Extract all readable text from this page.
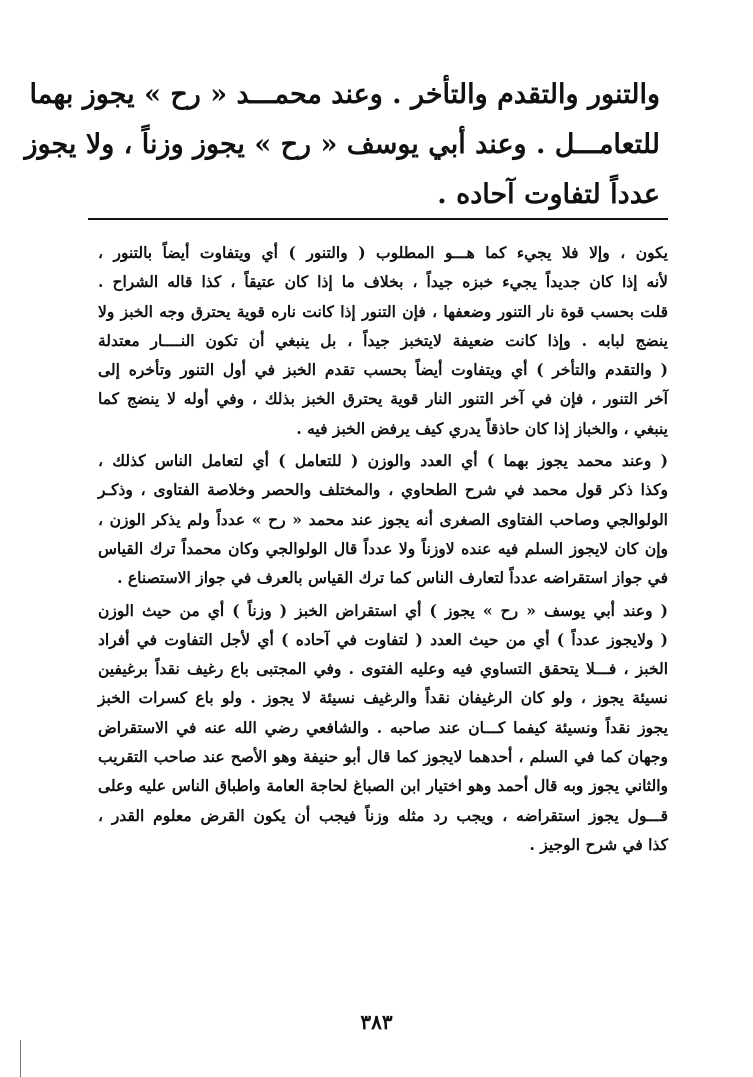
والتنور والتقدم والتأخر . وعند محمـــد « رح » يجوز بهما
للتعامـــل . وعند أبي يوسف « رح » يجوز وزناً ، ولا يجوز
عدداً لتفاوت آحاده .
يكون ، وإلا فلا يجيء كما هـــو المطلوب ( والتنور ) أي ويتفاوت أيضاً بالتنور ،
لأنه إذا كان جديداً يجيء خبزه جيداً ، بخلاف ما إذا كان عتيقاً ، كذا قاله الشراح .
قلت بحسب قوة نار التنور وضعفها ، فإن التنور إذا كانت ناره قوية يحترق وجه الخبز ولا
ينضج لبابه . وإذا كانت ضعيفة لايتخبز جيداً ، بل ينبغي أن تكون النــــار معتدلة
( والتقدم والتأخر ) أي ويتفاوت أيضاً بحسب تقدم الخبز في أول التنور وتأخره إلى
آخر التنور ، فإن في آخر التنور النار قوية يحترق الخبز بذلك ، وفي أوله لا ينضج كما
ينبغي ، والخباز إذا كان حاذقاً يدري كيف يرفض الخبز فيه .
( وعند محمد يجوز بهما ) أي العدد والوزن ( للتعامل ) أي لتعامل الناس كذلك ،
وكذا ذكر قول محمد في شرح الطحاوي ، والمختلف والحصر وخلاصة الفتاوى ، وذكـر
الولوالجي وصاحب الفتاوى الصغرى أنه يجوز عند محمد « رح » عدداً ولم يذكر الوزن ،
وإن كان لايجوز السلم فيه عنده لاوزناً ولا عدداً قال الولوالجي وكان محمداً ترك القياس
في جواز استقراضه عدداً لتعارف الناس كما ترك القياس بالعرف في جواز الاستصناع .
( وعند أبي يوسف « رح » يجوز ) أي استقراض الخبز ( وزناً ) أي من حيث الوزن
( ولايجوز عدداً ) أي من حيث العدد ( لتفاوت في آحاده ) أي لأجل التفاوت في أفراد
الخبز ، فـــلا يتحقق التساوي فيه وعليه الفتوى . وفي المجتبى باع رغيف نقداً برغيفين
نسيئة يجوز ، ولو كان الرغيفان نقداً والرغيف نسيئة لا يجوز . ولو باع كسرات الخبز
يجوز نقداً ونسيئة كيفما كـــان عند صاحبه . والشافعي رضي الله عنه في الاستقراض
وجهان كما في السلم ، أحدهما لايجوز كما قال أبو حنيفة وهو الأصح عند صاحب التقريب
والثاني يجوز وبه قال أحمد وهو اختيار ابن الصباغ لحاجة العامة واطباق الناس عليه وعلى
قـــول يجوز استقراضه ، ويجب رد مثله وزناً فيجب أن يكون القرض معلوم القدر ،
كذا في شرح الوجيز .
٣٨٣
